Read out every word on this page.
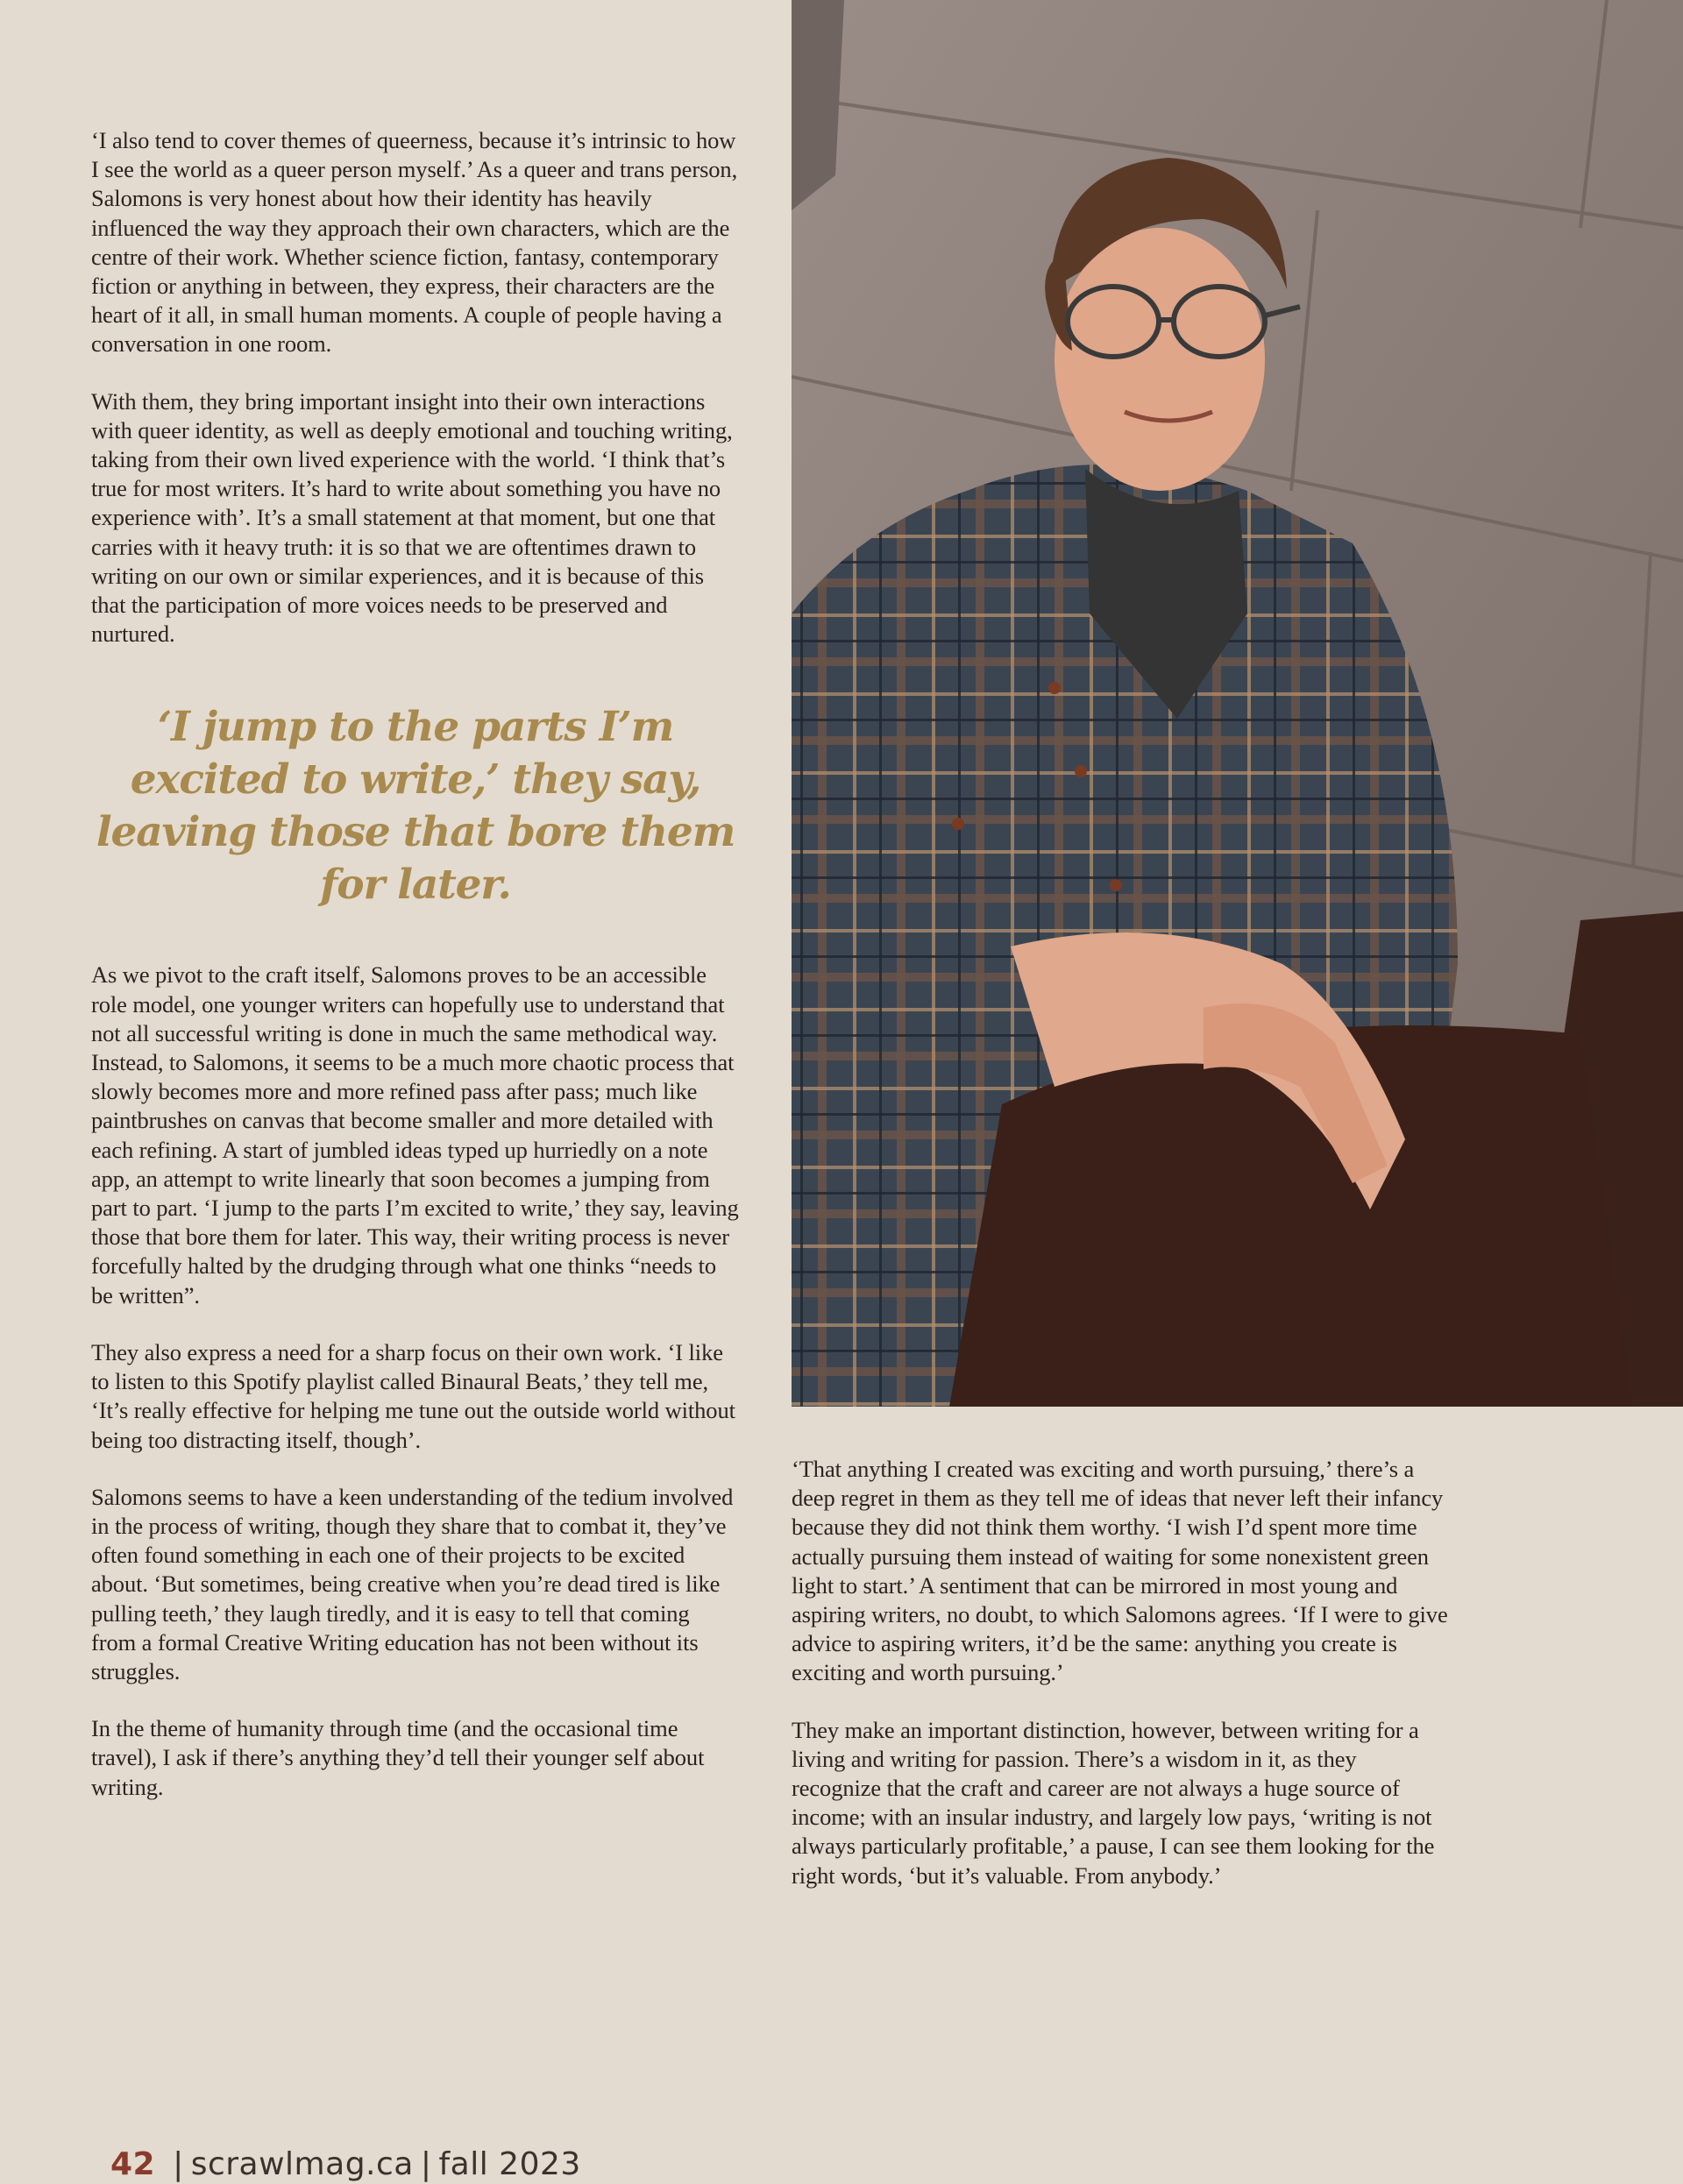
‘I also tend to cover themes of queerness, because it’s intrinsic to how I see the world as a queer person myself.’ As a queer and trans person, Salomons is very honest about how their identity has heavily influenced the way they approach their own characters, which are the centre of their work. Whether science fiction, fantasy, contemporary fiction or anything in between, they express, their characters are the heart of it all, in small human moments. A couple of people having a conversation in one room.

With them, they bring important insight into their own interactions with queer identity, as well as deeply emotional and touching writing, taking from their own lived experience with the world. ‘I think that’s true for most writers. It’s hard to write about something you have no experience with’. It’s a small statement at that moment, but one that carries with it heavy truth: it is so that we are oftentimes drawn to writing on our own or similar experiences, and it is because of this that the participation of more voices needs to be preserved and nurtured.

‘I jump to the parts I’m excited to write,’ they say, leaving those that bore them for later.

As we pivot to the craft itself, Salomons proves to be an accessible role model, one younger writers can hopefully use to understand that not all successful writing is done in much the same methodical way. Instead, to Salomons, it seems to be a much more chaotic process that slowly becomes more and more refined pass after pass; much like paintbrushes on canvas that become smaller and more detailed with each refining. A start of jumbled ideas typed up hurriedly on a note app, an attempt to write linearly that soon becomes a jumping from part to part. ‘I jump to the parts I’m excited to write,’ they say, leaving those that bore them for later. This way, their writing process is never forcefully halted by the drudging through what one thinks “needs to be written”.

They also express a need for a sharp focus on their own work. ‘I like to listen to this Spotify playlist called Binaural Beats,’ they tell me, ‘It’s really effective for helping me tune out the outside world without being too distracting itself, though’.

Salomons seems to have a keen understanding of the tedium involved in the process of writing, though they share that to combat it, they’ve often found something in each one of their projects to be excited about. ‘But sometimes, being creative when you’re dead tired is like pulling teeth,’ they laugh tiredly, and it is easy to tell that coming from a formal Creative Writing education has not been without its struggles.

In the theme of humanity through time (and the occasional time travel), I ask if there’s anything they’d tell their younger self about writing.

‘That anything I created was exciting and worth pursuing,’ there’s a deep regret in them as they tell me of ideas that never left their infancy because they did not think them worthy. ‘I wish I’d spent more time actually pursuing them instead of waiting for some nonexistent green light to start.’ A sentiment that can be mirrored in most young and aspiring writers, no doubt, to which Salomons agrees. ‘If I were to give advice to aspiring writers, it’d be the same: anything you create is exciting and worth pursuing.’

They make an important distinction, however, between writing for a living and writing for passion. There’s a wisdom in it, as they recognize that the craft and career are not always a huge source of income; with an insular industry, and largely low pays, ‘writing is not always particularly profitable,’ a pause, I can see them looking for the right words, ‘but it’s valuable. From anybody.’

42 | scrawlmag.ca | fall 2023
